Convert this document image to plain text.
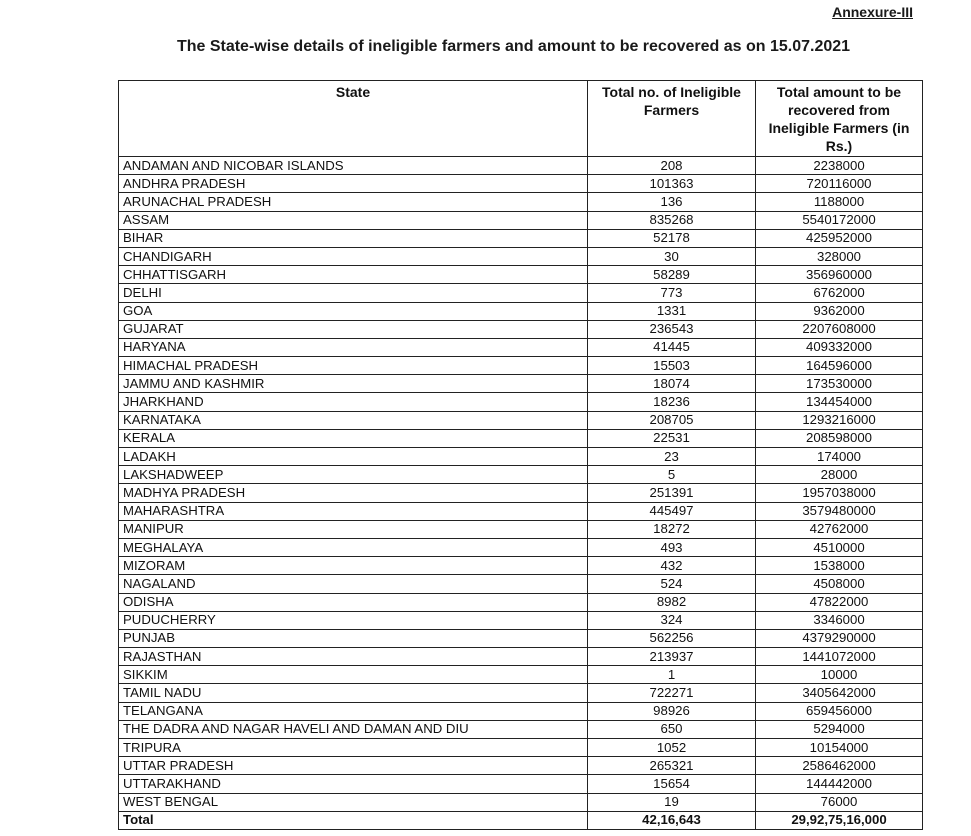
Annexure-III
The State-wise details of ineligible farmers and amount to be recovered as on 15.07.2021
State	Total no. of Ineligible Farmers	Total amount to be recovered from Ineligible Farmers (in Rs.)
ANDAMAN AND NICOBAR ISLANDS	208	2238000
ANDHRA PRADESH	101363	720116000
ARUNACHAL PRADESH	136	1188000
ASSAM	835268	5540172000
BIHAR	52178	425952000
CHANDIGARH	30	328000
CHHATTISGARH	58289	356960000
DELHI	773	6762000
GOA	1331	9362000
GUJARAT	236543	2207608000
HARYANA	41445	409332000
HIMACHAL PRADESH	15503	164596000
JAMMU AND KASHMIR	18074	173530000
JHARKHAND	18236	134454000
KARNATAKA	208705	1293216000
KERALA	22531	208598000
LADAKH	23	174000
LAKSHADWEEP	5	28000
MADHYA PRADESH	251391	1957038000
MAHARASHTRA	445497	3579480000
MANIPUR	18272	42762000
MEGHALAYA	493	4510000
MIZORAM	432	1538000
NAGALAND	524	4508000
ODISHA	8982	47822000
PUDUCHERRY	324	3346000
PUNJAB	562256	4379290000
RAJASTHAN	213937	1441072000
SIKKIM	1	10000
TAMIL NADU	722271	3405642000
TELANGANA	98926	659456000
THE DADRA AND NAGAR HAVELI AND DAMAN AND DIU	650	5294000
TRIPURA	1052	10154000
UTTAR PRADESH	265321	2586462000
UTTARAKHAND	15654	144442000
WEST BENGAL	19	76000
Total	42,16,643	29,92,75,16,000
